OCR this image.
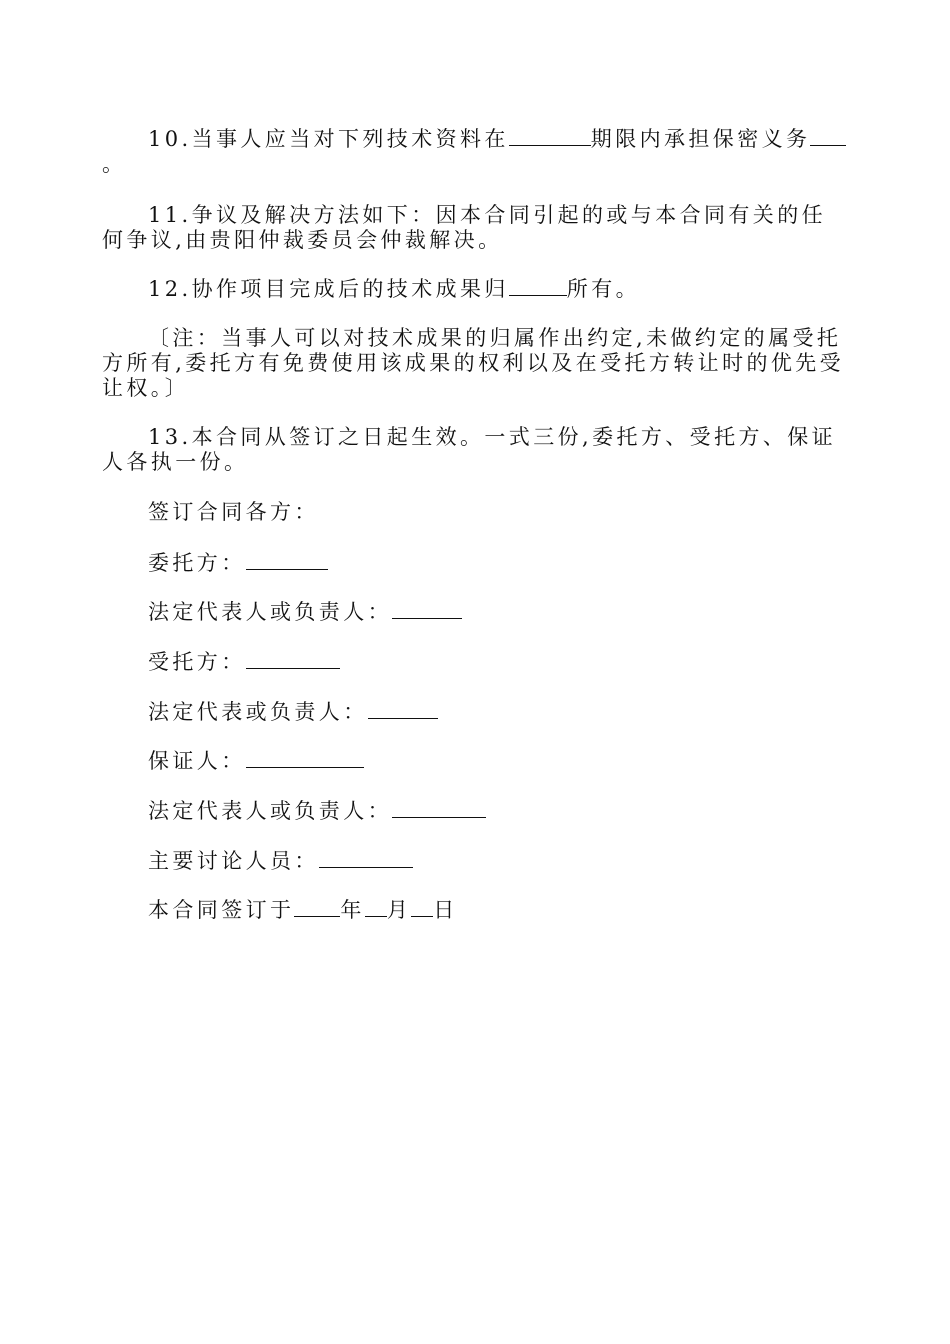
10.当事人应当对下列技术资料在	期限内承担保密义务。

11.争议及解决方法如下：因本合同引起的或与本合同有关的任何争议,由贵阳仲裁委员会仲裁解决。

12.协作项目完成后的技术成果归	所有。

〔注：当事人可以对技术成果的归属作出约定,未做约定的属受托方所有,委托方有免费使用该成果的权利以及在受托方转让时的优先受让权。〕

13.本合同从签订之日起生效。一式三份,委托方、受托方、保证人各执一份。

签订合同各方：

委托方：

法定代表人或负责人：

受托方：

法定代表或负责人：

保证人：

法定代表人或负责人：

主要讨论人员：

本合同签订于 年 月 日
